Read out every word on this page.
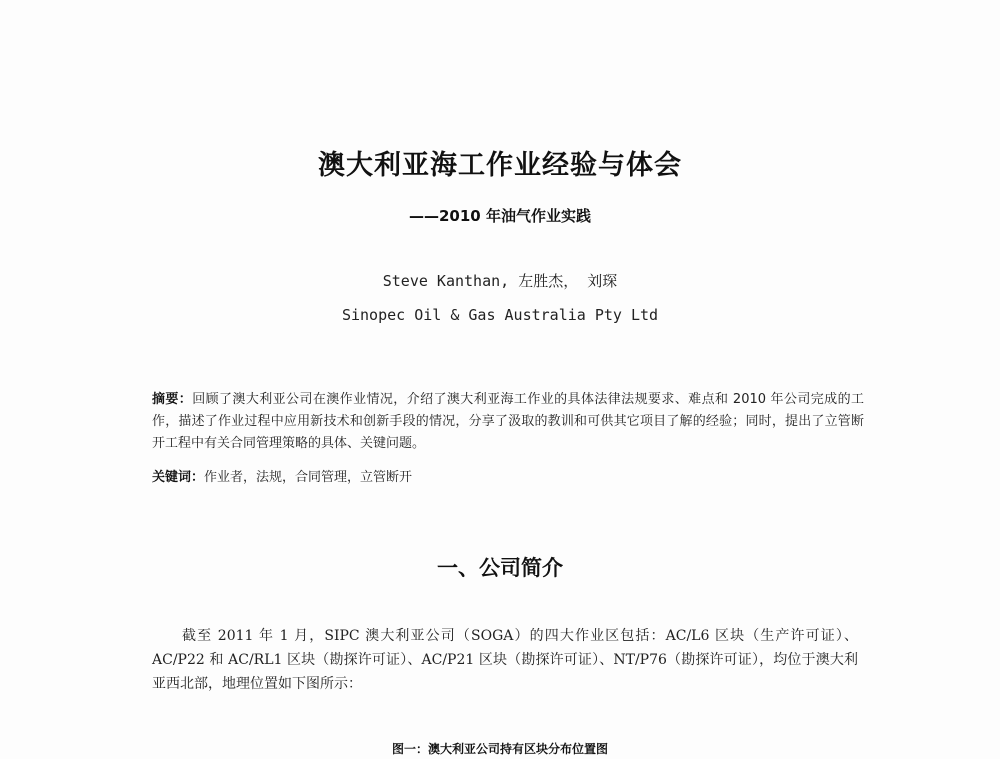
澳大利亚海工作业经验与体会
——2010 年油气作业实践
Steve Kanthan, 左胜杰， 刘琛
Sinopec Oil & Gas Australia Pty Ltd
摘要：回顾了澳大利亚公司在澳作业情况，介绍了澳大利亚海工作业的具体法律法规要求、难点和 2010 年公司完成的工作，描述了作业过程中应用新技术和创新手段的情况，分享了汲取的教训和可供其它项目了解的经验；同时，提出了立管断开工程中有关合同管理策略的具体、关键问题。
关键词：作业者，法规，合同管理，立管断开
一、公司简介
截至 2011 年 1 月，SIPC 澳大利亚公司（SOGA）的四大作业区包括：AC/L6 区块（生产许可证）、AC/P22 和 AC/RL1 区块（勘探许可证）、AC/P21 区块（勘探许可证）、NT/P76（勘探许可证），均位于澳大利亚西北部，地理位置如下图所示：
图一：澳大利亚公司持有区块分布位置图
